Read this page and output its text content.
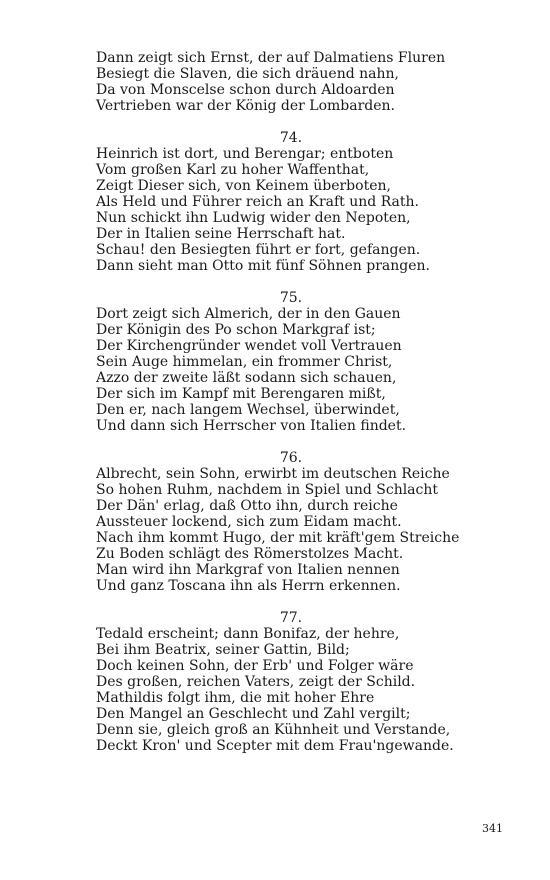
Dann zeigt sich Ernst, der auf Dalmatiens Fluren
Besiegt die Slaven, die sich dräuend nahn,
Da von Monscelse schon durch Aldoarden
Vertrieben war der König der Lombarden.
74.
Heinrich ist dort, und Berengar; entboten
Vom großen Karl zu hoher Waffenthat,
Zeigt Dieser sich, von Keinem überboten,
Als Held und Führer reich an Kraft und Rath.
Nun schickt ihn Ludwig wider den Nepoten,
Der in Italien seine Herrschaft hat.
Schau! den Besiegten führt er fort, gefangen.
Dann sieht man Otto mit fünf Söhnen prangen.
75.
Dort zeigt sich Almerich, der in den Gauen
Der Königin des Po schon Markgraf ist;
Der Kirchengründer wendet voll Vertrauen
Sein Auge himmelan, ein frommer Christ,
Azzo der zweite läßt sodann sich schauen,
Der sich im Kampf mit Berengaren mißt,
Den er, nach langem Wechsel, überwindet,
Und dann sich Herrscher von Italien findet.
76.
Albrecht, sein Sohn, erwirbt im deutschen Reiche
So hohen Ruhm, nachdem in Spiel und Schlacht
Der Dän' erlag, daß Otto ihn, durch reiche
Aussteuer lockend, sich zum Eidam macht.
Nach ihm kommt Hugo, der mit kräft'gem Streiche
Zu Boden schlägt des Römerstolzes Macht.
Man wird ihn Markgraf von Italien nennen
Und ganz Toscana ihn als Herrn erkennen.
77.
Tedald erscheint; dann Bonifaz, der hehre,
Bei ihm Beatrix, seiner Gattin, Bild;
Doch keinen Sohn, der Erb' und Folger wäre
Des großen, reichen Vaters, zeigt der Schild.
Mathildis folgt ihm, die mit hoher Ehre
Den Mangel an Geschlecht und Zahl vergilt;
Denn sie, gleich groß an Kühnheit und Verstande,
Deckt Kron' und Scepter mit dem Frau'ngewande.
341
